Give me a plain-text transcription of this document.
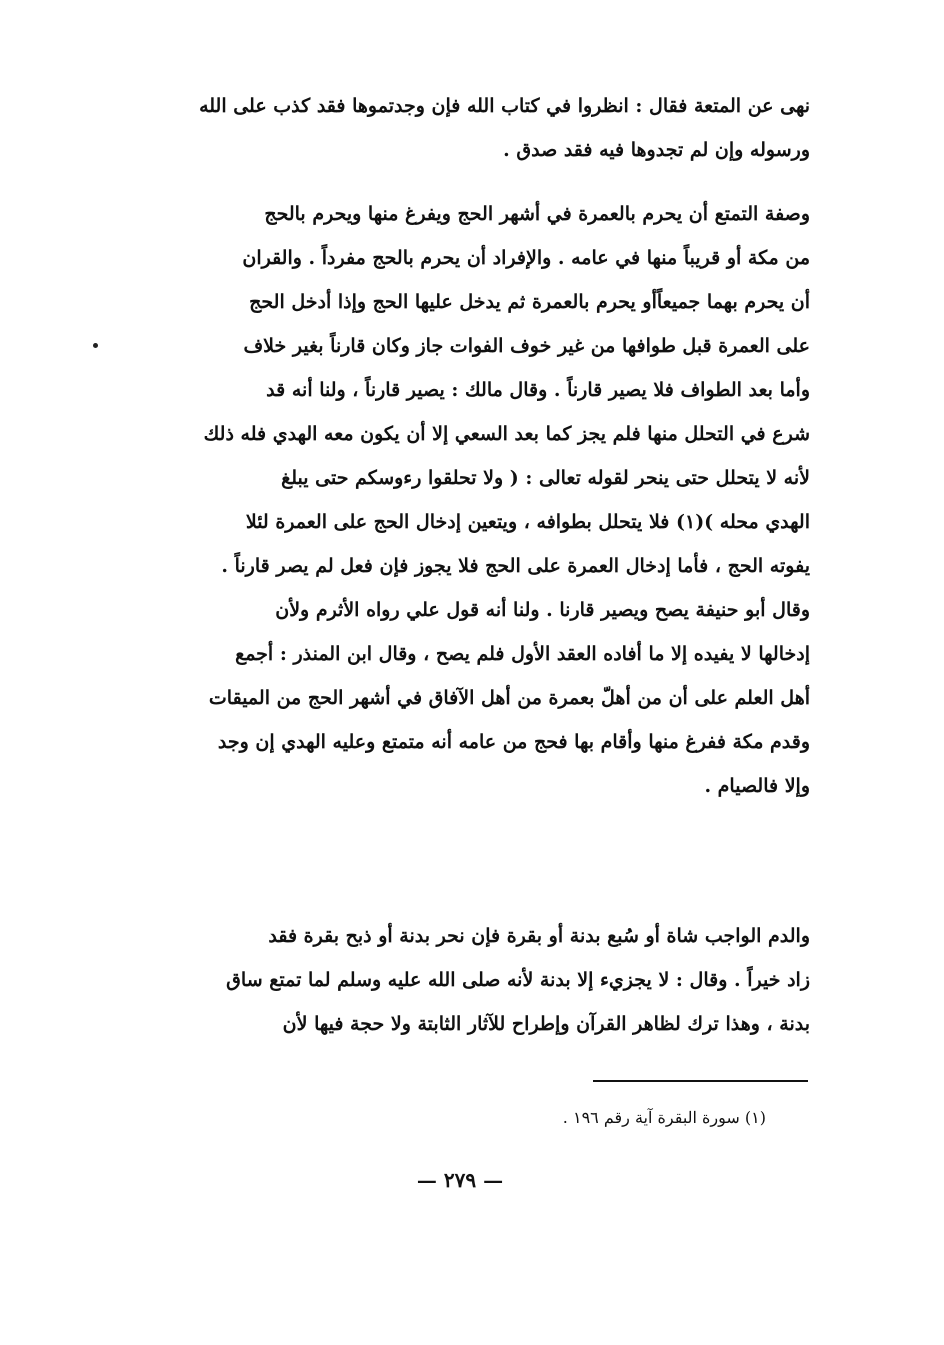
نهى عن المتعة فقال : انظروا في كتاب الله فإن وجدتموها فقد كذب على الله
ورسوله وإن لم تجدوها فيه فقد صدق .
وصفة التمتع أن يحرم بالعمرة في أشهر الحج ويفرغ منها ويحرم بالحج
من مكة أو قريباً منها في عامه . والإفراد أن يحرم بالحج مفرداً . والقران
أن يحرم بهما جميعاًأو يحرم بالعمرة ثم يدخل عليها الحج وإذا أدخل الحج
على العمرة قبل طوافها من غير خوف الفوات جاز وكان قارناً بغير خلاف
وأما بعد الطواف فلا يصير قارناً . وقال مالك : يصير قارناً ، ولنا أنه قد
شرع في التحلل منها فلم يجز كما بعد السعي إلا أن يكون معه الهدي فله ذلك
لأنه لا يتحلل حتى ينحر لقوله تعالى : ( ولا تحلقوا رءوسكم حتى يبلغ
الهدي محله )(١) فلا يتحلل بطوافه ، ويتعين إدخال الحج على العمرة لئلا
يفوته الحج ، فأما إدخال العمرة على الحج فلا يجوز فإن فعل لم يصر قارناً .
وقال أبو حنيفة يصح ويصير قارنا . ولنا أنه قول علي رواه الأثرم ولأن
إدخالها لا يفيده إلا ما أفاده العقد الأول فلم يصح ، وقال ابن المنذر : أجمع
أهل العلم على أن من أهلّ بعمرة من أهل الآفاق في أشهر الحج من الميقات
وقدم مكة ففرغ منها وأقام بها فحج من عامه أنه متمتع وعليه الهدي إن وجد
وإلا فالصيام .
والدم الواجب شاة أو سُبع بدنة أو بقرة فإن نحر بدنة أو ذبح بقرة فقد
زاد خيراً . وقال : لا يجزيء إلا بدنة لأنه صلى الله عليه وسلم لما تمتع ساق
بدنة ، وهذا ترك لظاهر القرآن وإطراح للآثار الثابتة ولا حجة فيها لأن
(١) سورة البقرة آية رقم ١٩٦ .
— ٢٧٩ —
